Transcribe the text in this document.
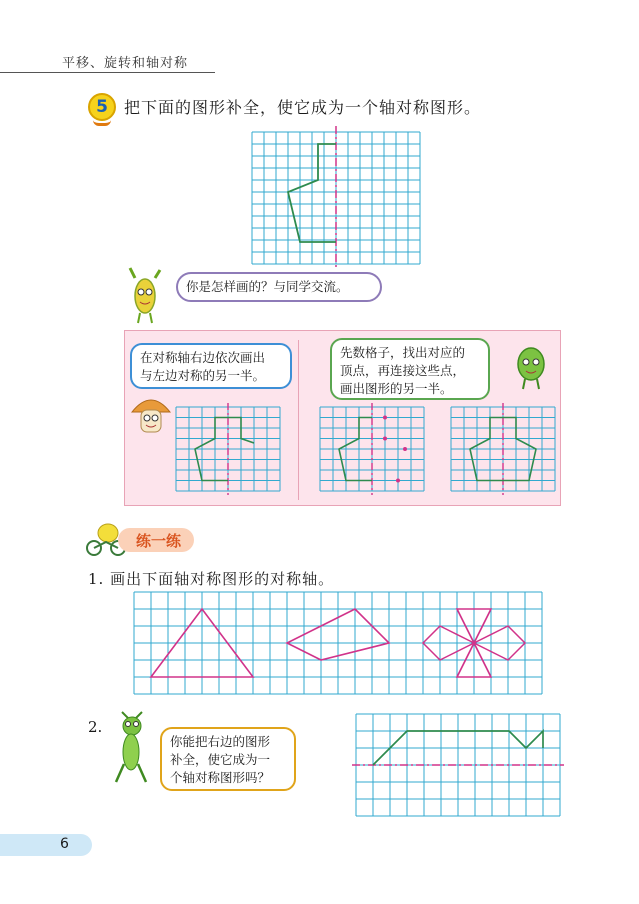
平移、旋转和轴对称
5	把下面的图形补全，使它成为一个轴对称图形。
你是怎样画的？与同学交流。
在对称轴右边依次画出
与左边对称的另一半。
先数格子，找出对应的
顶点，再连接这些点，
画出图形的另一半。
练一练
1. 画出下面轴对称图形的对称轴。
2.
你能把右边的图形
补全，使它成为一
个轴对称图形吗？
6
